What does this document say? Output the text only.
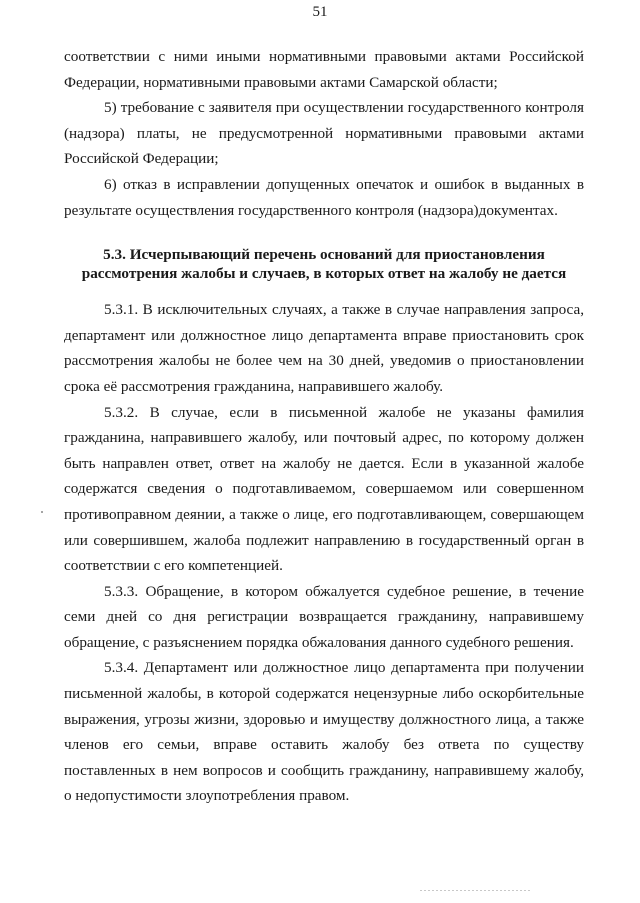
51

соответствии с ними иными нормативными правовыми актами Российской Федерации, нормативными правовыми актами Самарской области;

5) требование с заявителя при осуществлении государственного контроля (надзора) платы, не предусмотренной нормативными правовыми актами Российской Федерации;

6) отказ в исправлении допущенных опечаток и ошибок в выданных в результате осуществления государственного контроля (надзора)документах.

5.3. Исчерпывающий перечень оснований для приостановления рассмотрения жалобы и случаев, в которых ответ на жалобу не дается

5.3.1. В исключительных случаях, а также в случае направления запроса, департамент или должностное лицо департамента вправе приостановить срок рассмотрения жалобы не более чем на 30 дней, уведомив о приостановлении срока её рассмотрения гражданина, направившего жалобу.

5.3.2. В случае, если в письменной жалобе не указаны фамилия гражданина, направившего жалобу, или почтовый адрес, по которому должен быть направлен ответ, ответ на жалобу не дается. Если в указанной жалобе содержатся сведения о подготавливаемом, совершаемом или совершенном противоправном деянии, а также о лице, его подготавливающем, совершающем или совершившем, жалоба подлежит направлению в государственный орган в соответствии с его компетенцией.

5.3.3. Обращение, в котором обжалуется судебное решение, в течение семи дней со дня регистрации возвращается гражданину, направившему обращение, с разъяснением порядка обжалования данного судебного решения.

5.3.4. Департамент или должностное лицо департамента при получении письменной жалобы, в которой содержатся нецензурные либо оскорбительные выражения, угрозы жизни, здоровью и имуществу должностного лица, а также членов его семьи, вправе оставить жалобу без ответа по существу поставленных в нем вопросов и сообщить гражданину, направившему жалобу, о недопустимости злоупотребления правом.
